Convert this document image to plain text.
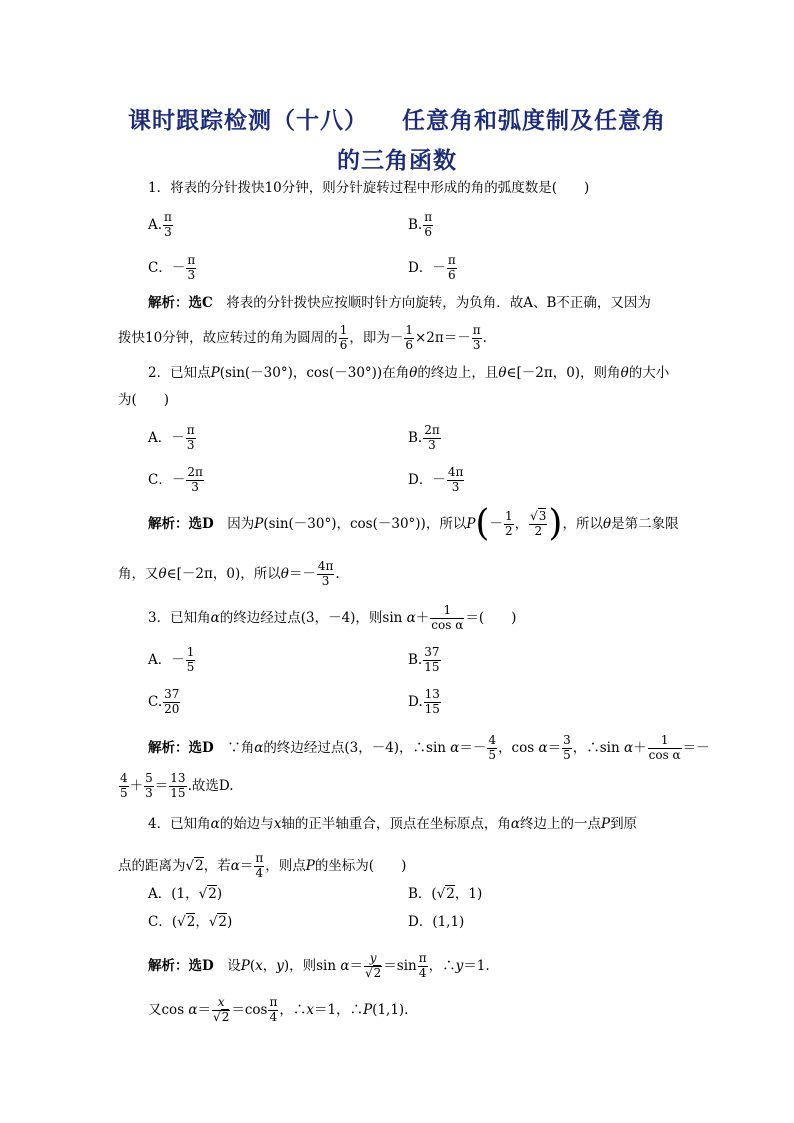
课时跟踪检测（十八） 任意角和弧度制及任意角
的三角函数
1．将表的分针拨快10分钟，则分针旋转过程中形成的角的弧度数是(　　)
A. $\frac{\pi}{3}$	B. $\frac{\pi}{6}$
C．－ $\frac{\pi}{3}$	D．－ $\frac{\pi}{6}$
解析：选C　 将表的分针拨快应按顺时针方向旋转，为负角．故A、B不正确，又因为
拨快10分钟，故应转过的角为圆周的 $\frac{1}{6}$ ，即为－ $\frac{1}{6} \times 2\pi=- \frac{\pi}{3}$ .
2．已知点P(sin(－30°)，cos(－30°))在角θ的终边上，且θ∈[－2π，0)，则角θ的大小
为(　　)
A．－ $\frac{\pi}{3}$	B. $\frac{2\pi}{3}$
C．－ $\frac{2\pi}{3}$	D．－ $\frac{4\pi}{3}$
解析：选D　 因为P(sin(－30°)，cos(－30°))，所以$P(- \frac{1}{2}$ ， $\frac{√3}{2}$ )，所以θ是第二象限
角，又θ∈[－2π，0)，所以$\theta=- \frac{4\pi}{3}$ .
3．已知角α的终边经过点(3，－4)，则$\sin \alpha+ \frac{1}{\text{cos α}}$ ＝(　　)
A．－ $\frac{1}{5}$	B. $\frac{37}{15}$
C. $\frac{37}{20}$	D. $\frac{13}{15}$
解析：选D　 ∵角α的终边经过点(3，－4)，∴sin $\alpha=- \frac{4}{5}$ ，$\cos \alpha= \frac{3}{5}$ ，∴sin $\alpha+ \frac{1}{\text{cos α}}$ ＝－
$\frac{4}{5} + \frac{5}{3} = \frac{13}{15}$ .故选D.
4．已知角α的始边与x轴的正半轴重合，顶点在坐标原点，角α终边上的一点P到原
点的距离为√2，若$\alpha= \frac{\pi}{4}$ ，则点P的坐标为(　　)
A．(1，√2)	B．(√2，1)
C．(√2，√2)	D．(1,1)
解析：选D　 设P(x，y)，则$\sin \alpha= \frac{y}{√2} =\sin \frac{\pi}{4}$ ，∴y＝1.
又$\cos \alpha= \frac{x}{√2} =\cos \frac{\pi}{4}$ ，∴x＝1，∴P(1,1).
